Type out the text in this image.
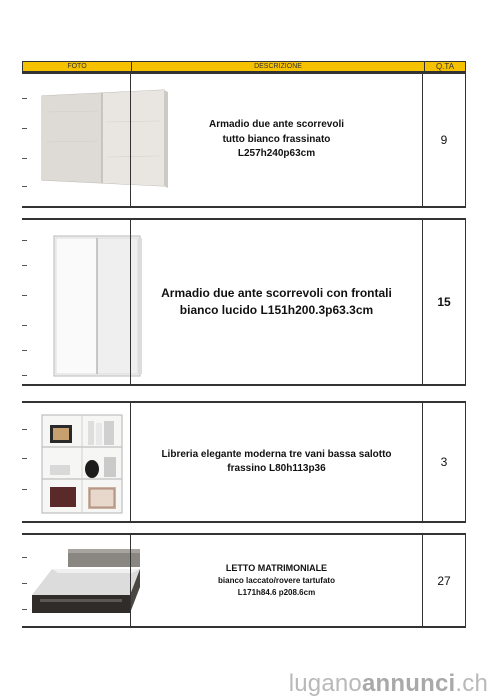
FOTO	DESCRIZIONE	Q.TA
Armadio due ante scorrevoli
tutto bianco frassinato
L257h240p63cm
9
Armadio due ante scorrevoli con frontali
bianco lucido L151h200.3p63.3cm
15
Libreria elegante moderna tre vani bassa salotto
frassino L80h113p36	3
LETTO MATRIMONIALE
bianco laccato/rovere tartufato
L171h84.6 p208.6cm
27
luganoannunci.ch
